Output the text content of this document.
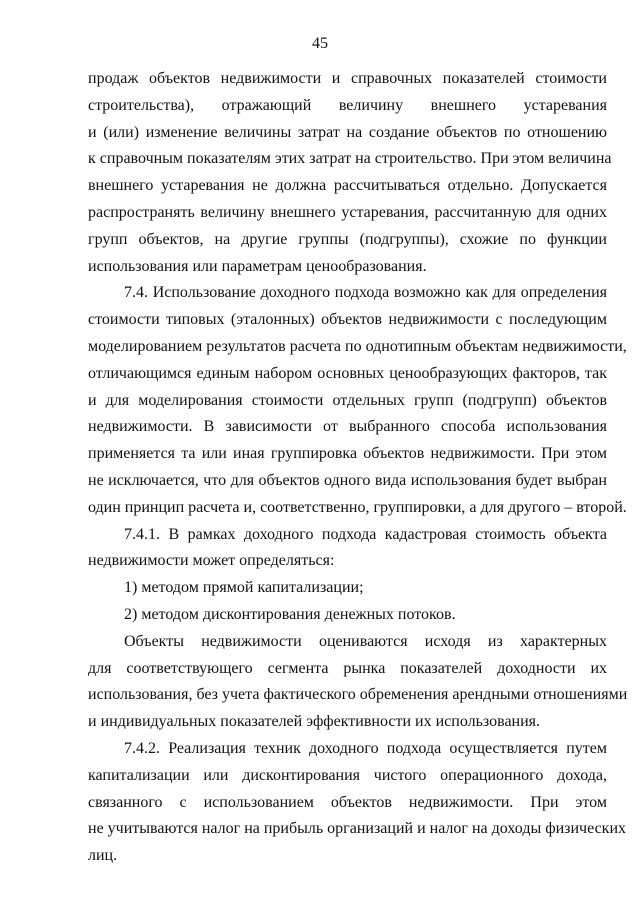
45
продаж объектов недвижимости и справочных показателей стоимости
строительства), отражающий величину внешнего устаревания
и (или) изменение величины затрат на создание объектов по отношению
к справочным показателям этих затрат на строительство. При этом величина
внешнего устаревания не должна рассчитываться отдельно. Допускается
распространять величину внешнего устаревания, рассчитанную для одних
групп объектов, на другие группы (подгруппы), схожие по функции
использования или параметрам ценообразования.
7.4. Использование доходного подхода возможно как для определения
стоимости типовых (эталонных) объектов недвижимости с последующим
моделированием результатов расчета по однотипным объектам недвижимости,
отличающимся единым набором основных ценообразующих факторов, так
и для моделирования стоимости отдельных групп (подгрупп) объектов
недвижимости. В зависимости от выбранного способа использования
применяется та или иная группировка объектов недвижимости. При этом
не исключается, что для объектов одного вида использования будет выбран
один принцип расчета и, соответственно, группировки, а для другого – второй.
7.4.1. В рамках доходного подхода кадастровая стоимость объекта
недвижимости может определяться:
1) методом прямой капитализации;
2) методом дисконтирования денежных потоков.
Объекты недвижимости оцениваются исходя из характерных
для соответствующего сегмента рынка показателей доходности их
использования, без учета фактического обременения арендными отношениями
и индивидуальных показателей эффективности их использования.
7.4.2. Реализация техник доходного подхода осуществляется путем
капитализации или дисконтирования чистого операционного дохода,
связанного с использованием объектов недвижимости. При этом
не учитываются налог на прибыль организаций и налог на доходы физических
лиц.
